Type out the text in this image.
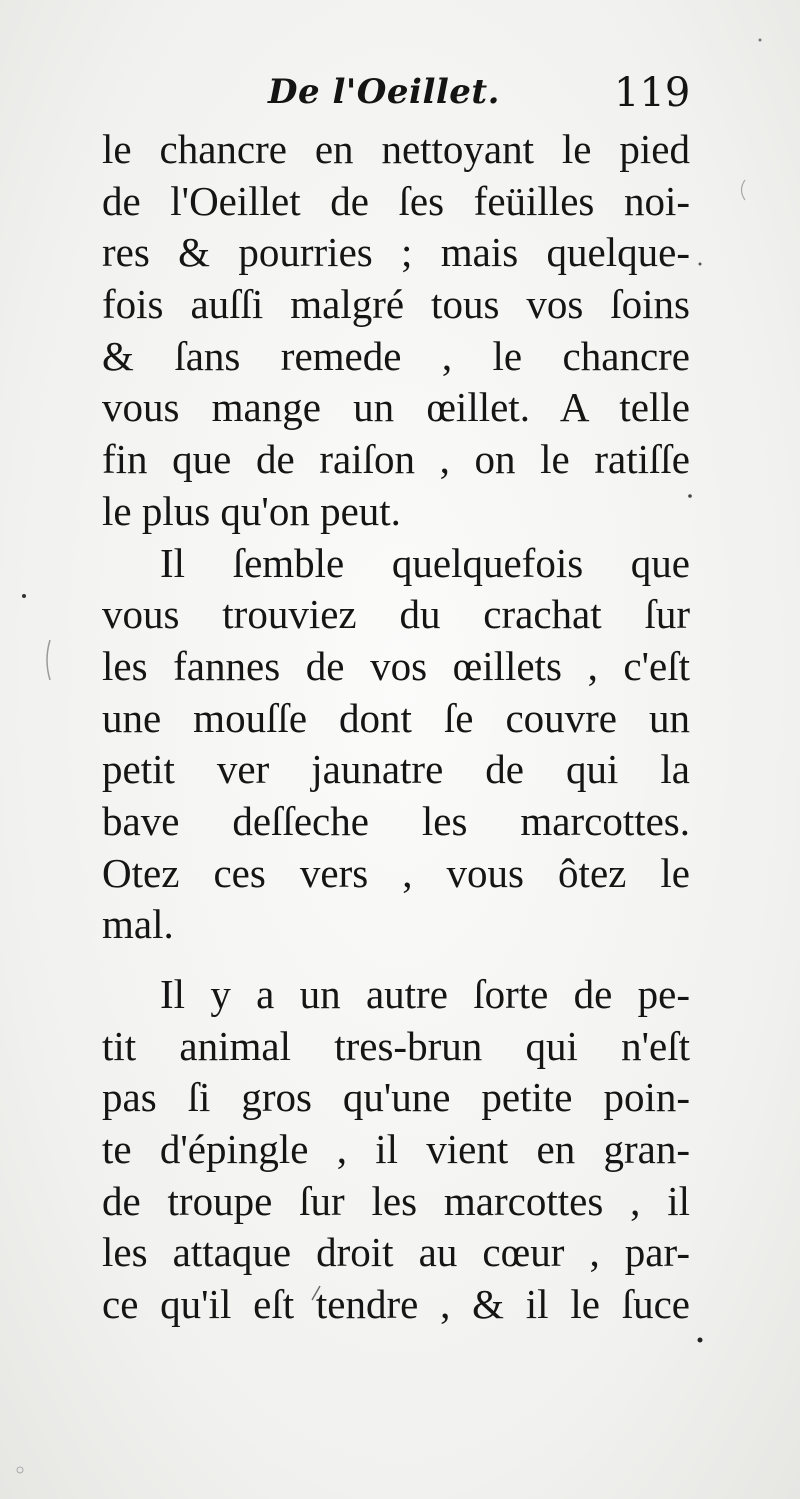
De l'Oeillet.	119
le chancre en nettoyant le pied
de l'Oeillet de ſes feüilles noi-
res & pourries ; mais quelque-
fois auſſi malgré tous vos ſoins
& ſans remede , le chancre
vous mange un œillet. A telle
fin que de raiſon , on le ratiſſe
le plus qu'on peut.
Il ſemble quelquefois que
vous trouviez du crachat ſur
les fannes de vos œillets , c'eſt
une mouſſe dont ſe couvre un
petit ver jaunatre de qui la
bave deſſeche les marcottes.
Otez ces vers , vous ôtez le
mal.
Il y a un autre ſorte de pe-
tit animal tres-brun qui n'eſt
pas ſi gros qu'une petite poin-
te d'épingle , il vient en gran-
de troupe ſur les marcottes , il
les attaque droit au cœur , par-
ce qu'il eſt tendre , & il le ſuce
